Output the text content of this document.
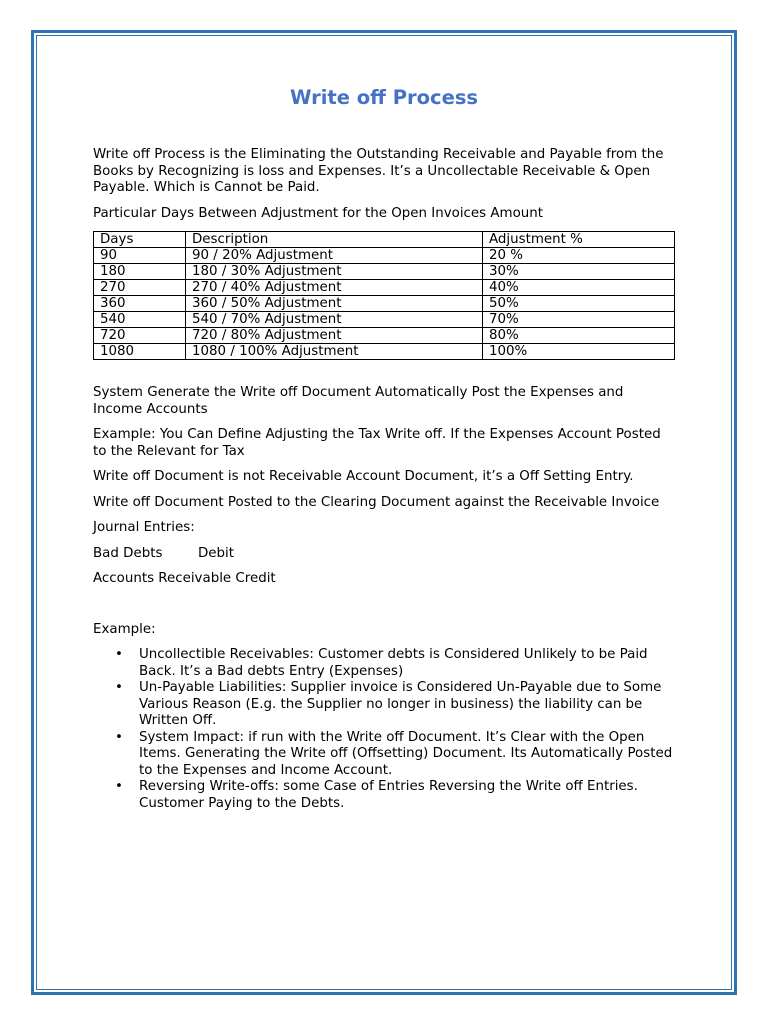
Write off Process

Write off Process is the Eliminating the Outstanding Receivable and Payable from the Books by Recognizing is loss and Expenses. It’s a Uncollectable Receivable & Open Payable. Which is Cannot be Paid.

Particular Days Between Adjustment for the Open Invoices Amount

Days	Description	Adjustment %
90	90 / 20% Adjustment	20 %
180	180 / 30% Adjustment	30%
270	270 / 40% Adjustment	40%
360	360 / 50% Adjustment	50%
540	540 / 70% Adjustment	70%
720	720 / 80% Adjustment	80%
1080	1080 / 100% Adjustment	100%

System Generate the Write off Document Automatically Post the Expenses and Income Accounts

Example: You Can Define Adjusting the Tax Write off. If the Expenses Account Posted to the Relevant for Tax

Write off Document is not Receivable Account Document, it’s a Off Setting Entry.

Write off Document Posted to the Clearing Document against the Receivable Invoice

Journal Entries:

Bad Debts	Debit

Accounts Receivable Credit

Example:

• Uncollectible Receivables: Customer debts is Considered Unlikely to be Paid Back. It’s a Bad debts Entry (Expenses)
• Un-Payable Liabilities: Supplier invoice is Considered Un-Payable due to Some Various Reason (E.g. the Supplier no longer in business) the liability can be Written Off.
• System Impact: if run with the Write off Document. It’s Clear with the Open Items. Generating the Write off (Offsetting) Document. Its Automatically Posted to the Expenses and Income Account.
• Reversing Write-offs: some Case of Entries Reversing the Write off Entries. Customer Paying to the Debts.
